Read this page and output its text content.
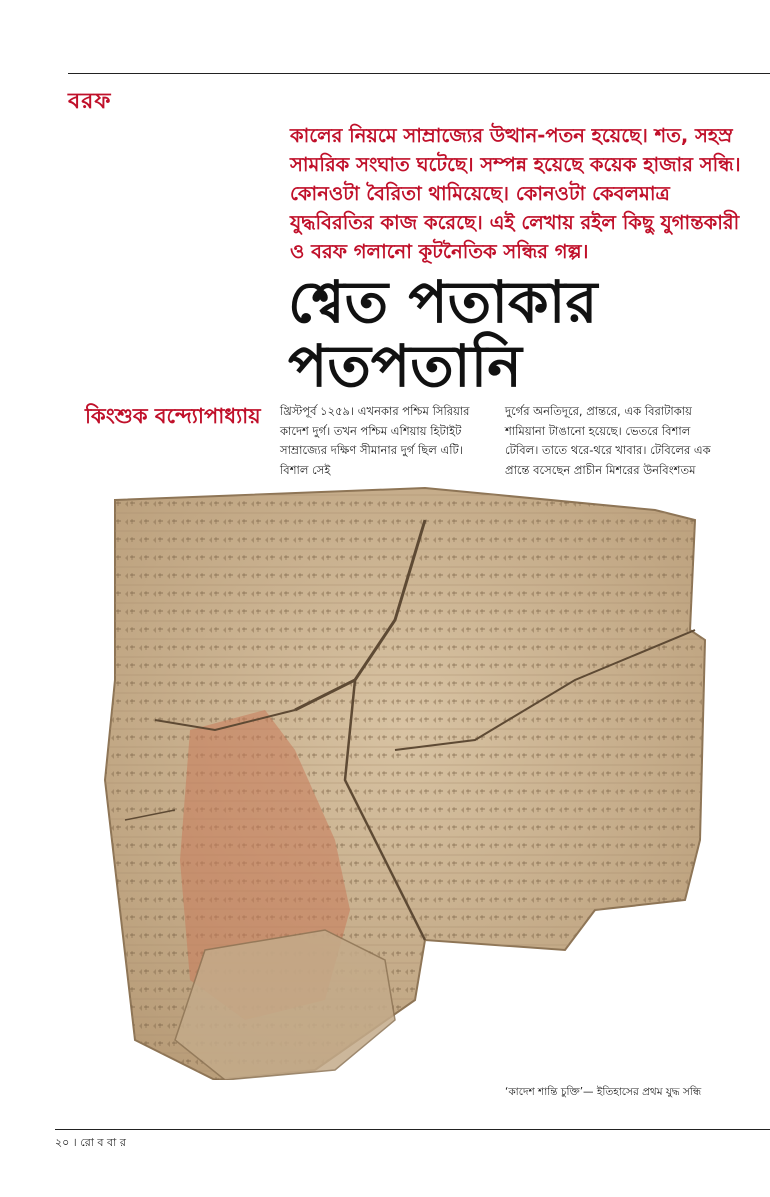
বরফ

কালের নিয়মে সাম্রাজ্যের উত্থান-পতন হয়েছে। শত, সহস্র সামরিক সংঘাত ঘটেছে। সম্পন্ন হয়েছে কয়েক হাজার সন্ধি। কোনওটা বৈরিতা থামিয়েছে। কোনওটা কেবলমাত্র যুদ্ধবিরতির কাজ করেছে। এই লেখায় রইল কিছু যুগান্তকারী ও বরফ গলানো কূটনৈতিক সন্ধির গল্প।

শ্বেত পতাকার
পতপতানি
কিংশুক বন্দ্যোপাধ্যায় খ্রিস্টপূর্ব ১২৫৯। এখনকার পশ্চিম সিরিয়ার কাদেশ দুর্গ। তখন পশ্চিম এশিয়ায় হিটাইট সাম্রাজ্যের দক্ষিণ সীমানার দুর্গ ছিল এটি। বিশাল সেই

দুর্গের অনতিদূরে, প্রান্তরে, এক বিরাটাকায় শামিয়ানা টাঙানো হয়েছে। ভেতরে বিশাল টেবিল। তাতে থরে-থরে খাবার। টেবিলের এক প্রান্তে বসেছেন প্রাচীন মিশরের উনবিংশতম

‘কাদেশ শান্তি চুক্তি’— ইতিহাসের প্রথম যুদ্ধ সন্ধি
২০ । রো ব বা র
